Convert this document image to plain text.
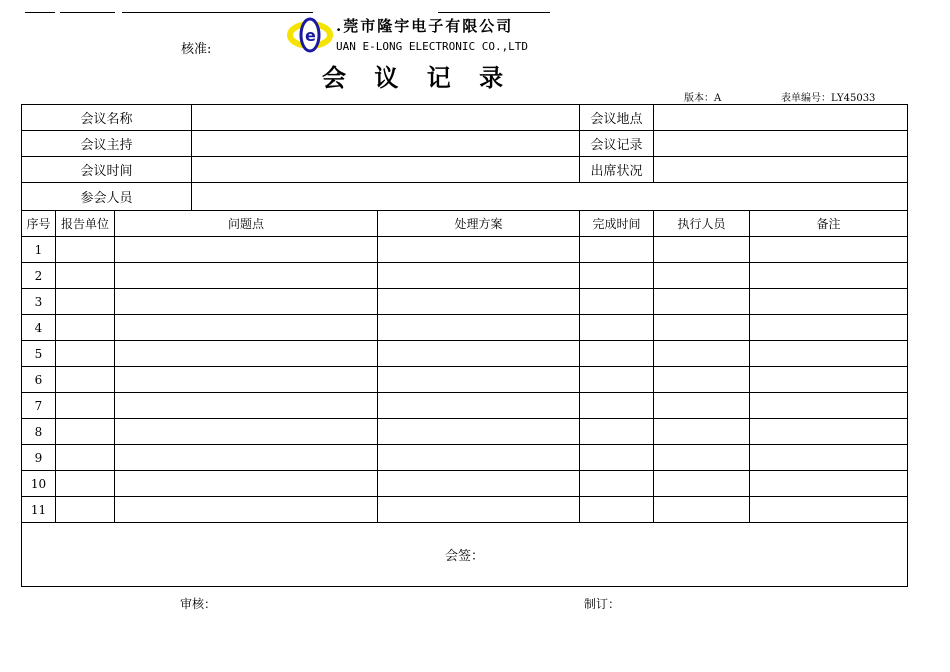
核准:
e .莞市隆宇电子有限公司
UAN E-LONG ELECTRONIC CO.,LTD
会 议 记 录
版本：A	表单编号：LY45033
会议名称					会议地点		
会议主持					会议记录		
会议时间					出席状况		
参会人员							
序号	报告单位	问题点		处理方案	完成时间	执行人员	备注
1							
2							
3							
4							
5							
6							
7							
8							
9							
10							
11							
会签：							
审核：	制订：
